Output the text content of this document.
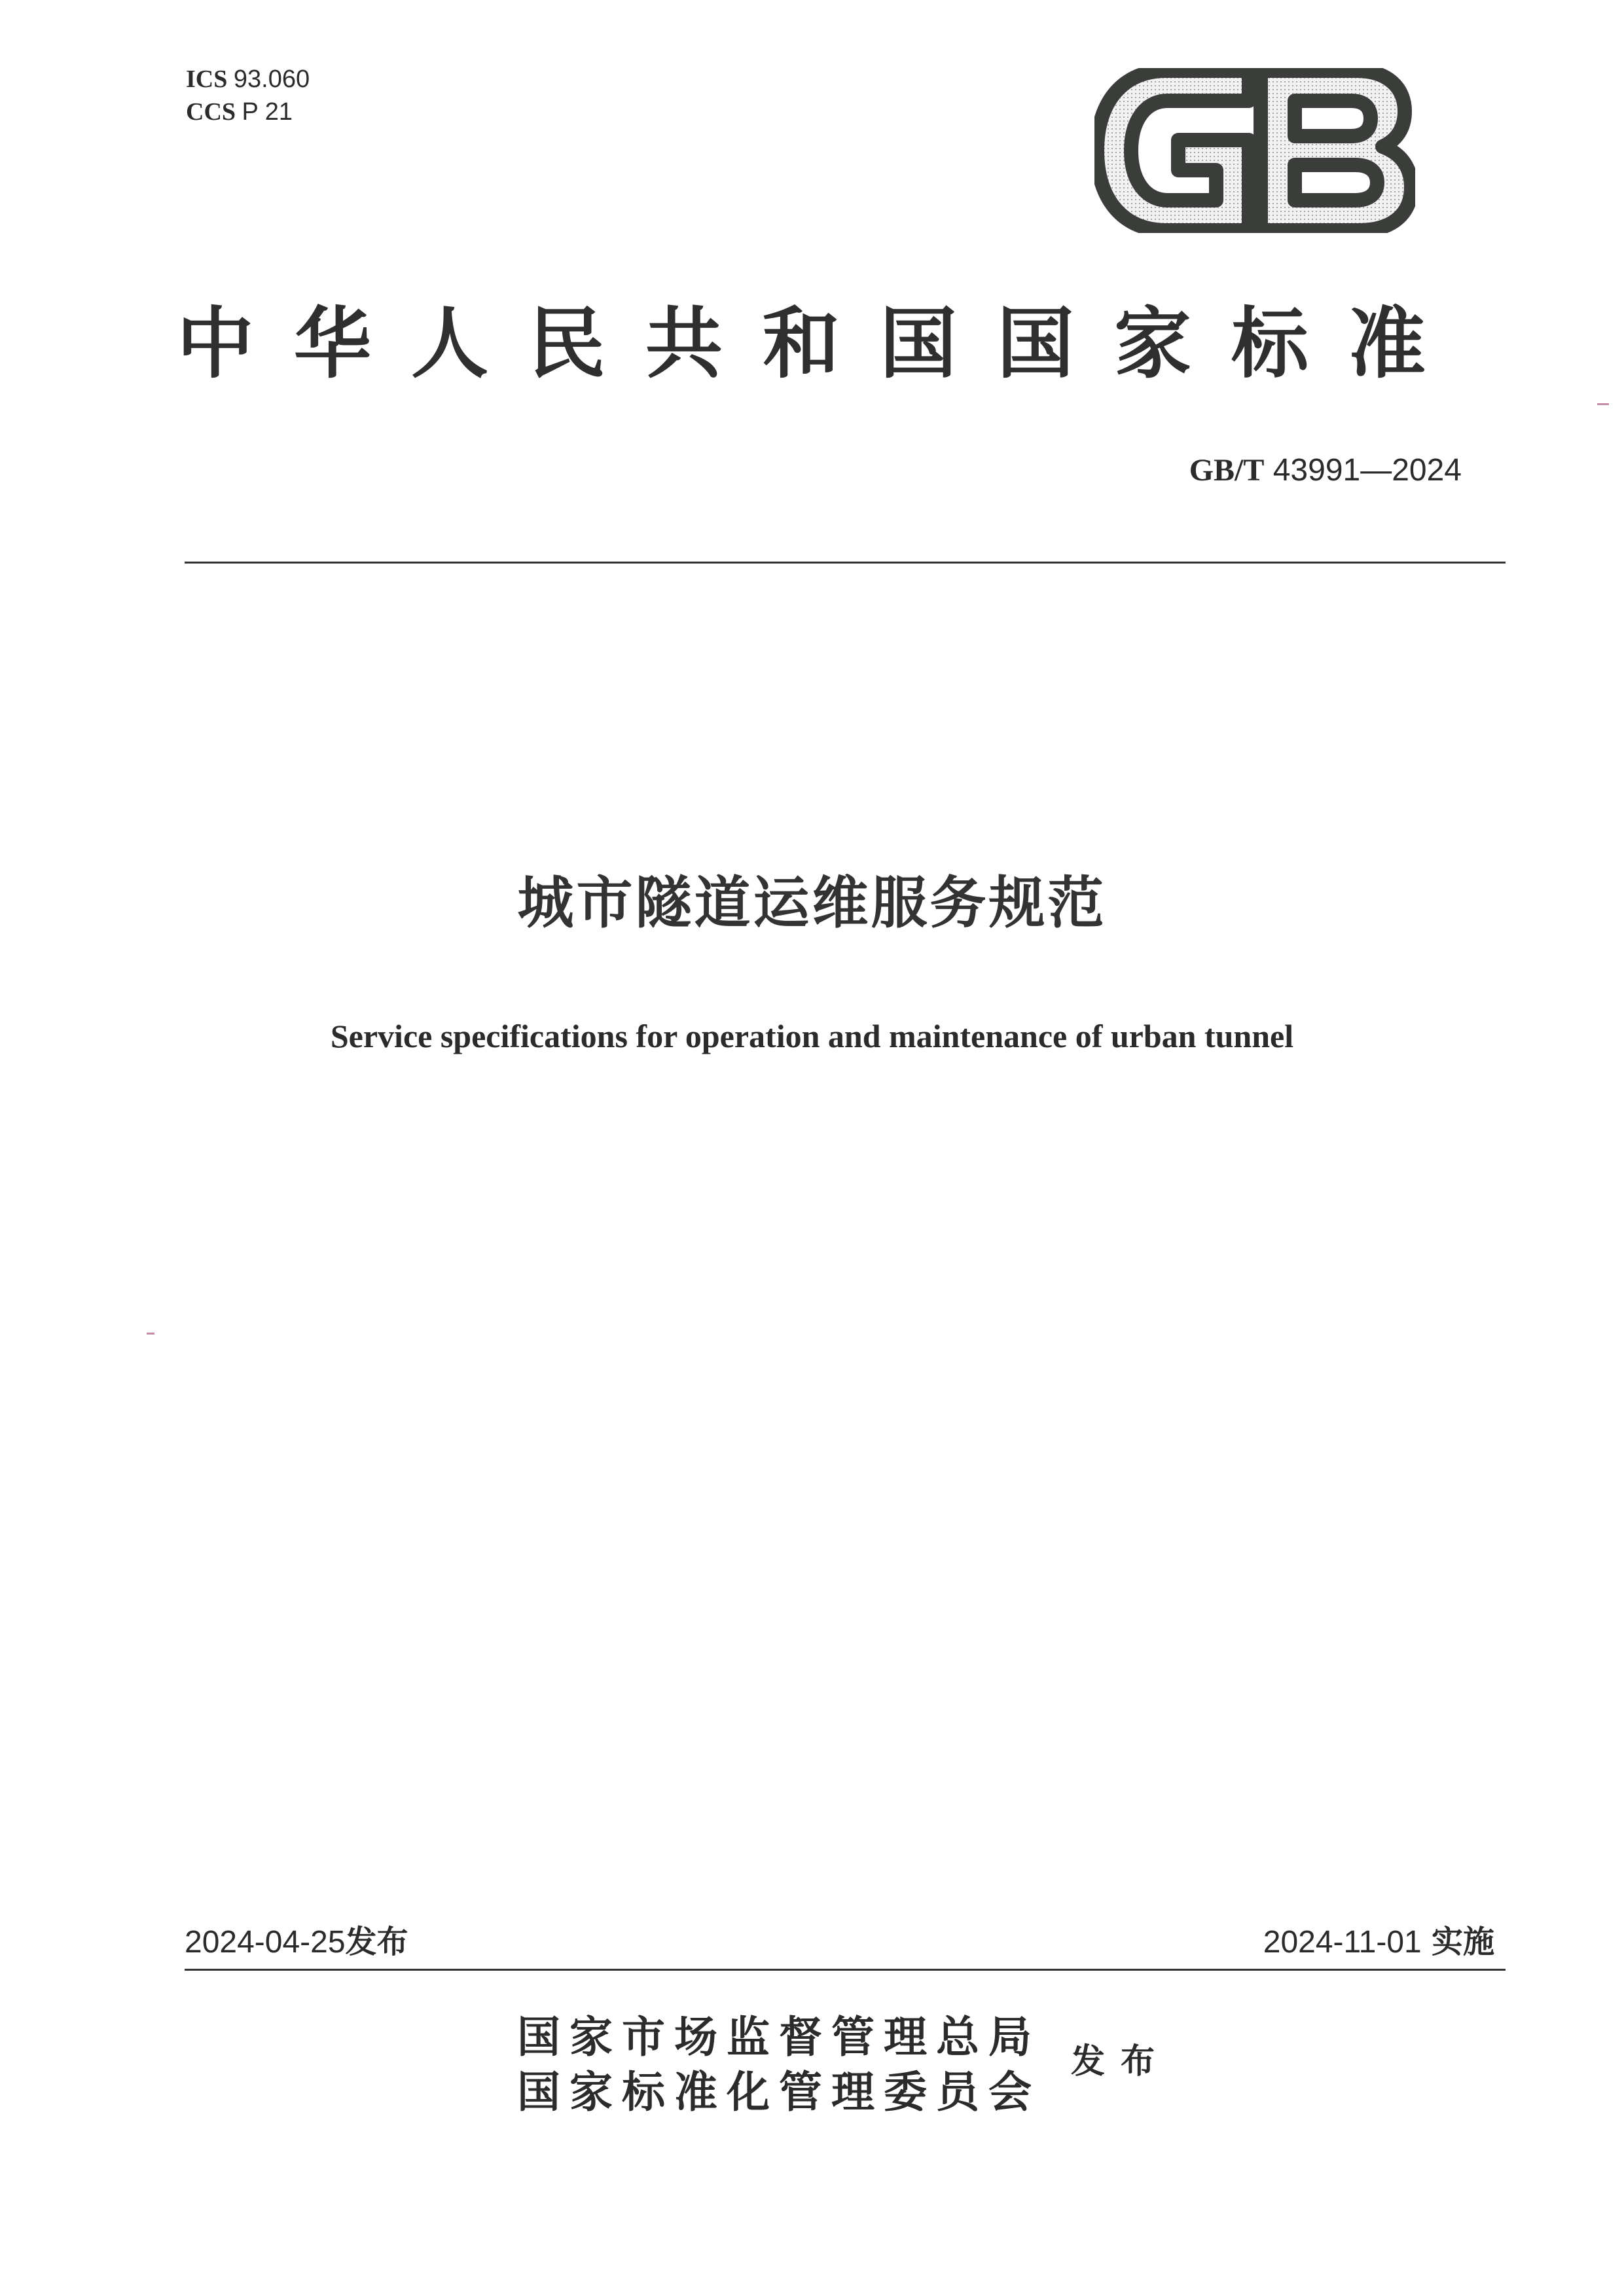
ICS 93.060
CCS P 21
中华人民共和国国家标准
GB/T 43991—2024
城市隧道运维服务规范
Service specifications for operation and maintenance of urban tunnel
2024-04-25发布	2024-11-01 实施
国家市场监督管理总局
国家标准化管理委员会
发布
